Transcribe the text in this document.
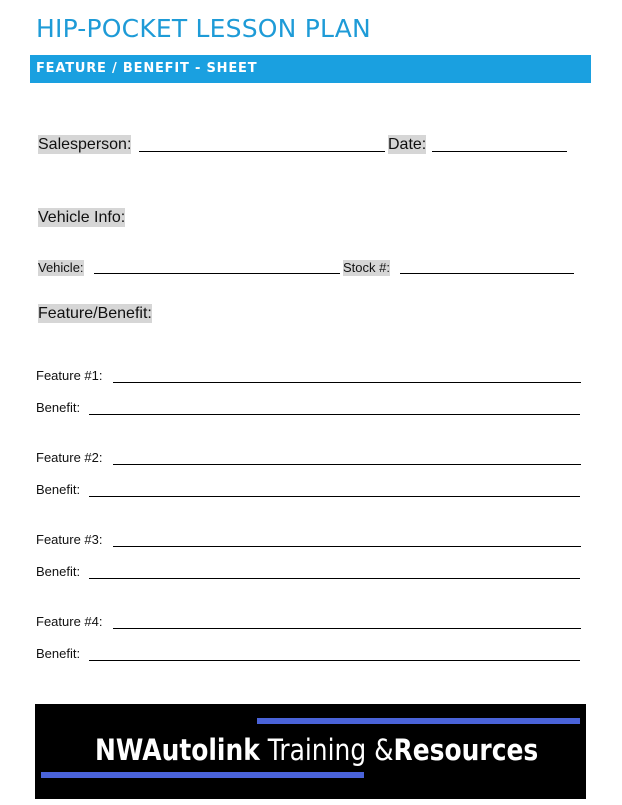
HIP-POCKET LESSON PLAN
FEATURE / BENEFIT - SHEET
Salesperson:	Date:
Vehicle Info:
Vehicle:	Stock #:
Feature/Benefit:
Feature #1:
Benefit:
Feature #2:
Benefit:
Feature #3:
Benefit:
Feature #4:
Benefit:
NWAutolink Training &Resources
